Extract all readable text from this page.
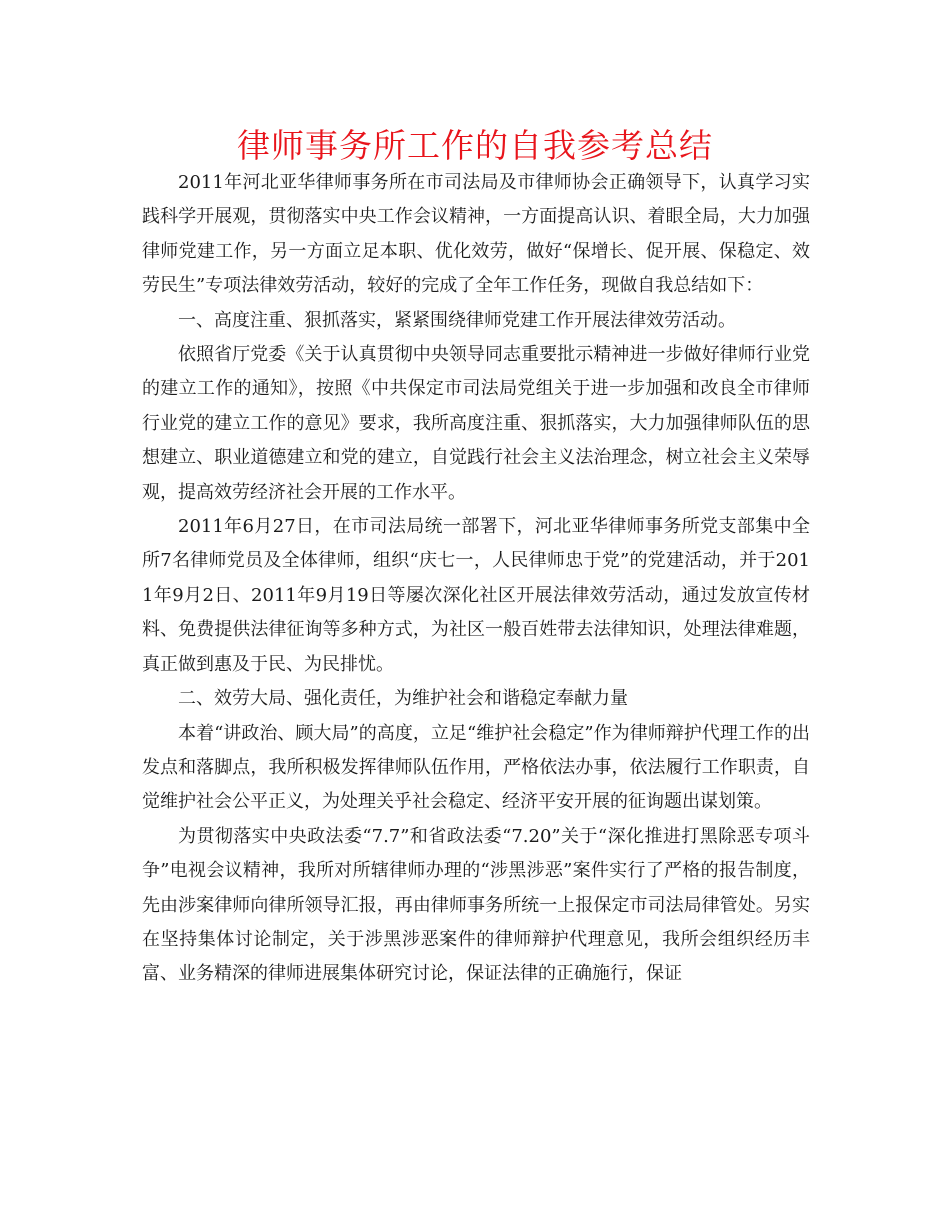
律师事务所工作的自我参考总结

2011年河北亚华律师事务所在市司法局及市律师协会正确领导下，认真学习实践科学开展观，贯彻落实中央工作会议精神，一方面提高认识、着眼全局，大力加强律师党建工作，另一方面立足本职、优化效劳，做好“保增长、促开展、保稳定、效劳民生”专项法律效劳活动，较好的完成了全年工作任务，现做自我总结如下：

一、高度注重、狠抓落实，紧紧围绕律师党建工作开展法律效劳活动。

依照省厅党委《关于认真贯彻中央领导同志重要批示精神进一步做好律师行业党的建立工作的通知》，按照《中共保定市司法局党组关于进一步加强和改良全市律师行业党的建立工作的意见》要求，我所高度注重、狠抓落实，大力加强律师队伍的思想建立、职业道德建立和党的建立，自觉践行社会主义法治理念，树立社会主义荣辱观，提高效劳经济社会开展的工作水平。

2011年6月27日，在市司法局统一部署下，河北亚华律师事务所党支部集中全所7名律师党员及全体律师，组织“庆七一，人民律师忠于党”的党建活动，并于2011年9月2日、2011年9月19日等屡次深化社区开展法律效劳活动，通过发放宣传材料、免费提供法律征询等多种方式，为社区一般百姓带去法律知识，处理法律难题，真正做到惠及于民、为民排忧。

二、效劳大局、强化责任，为维护社会和谐稳定奉献力量

本着“讲政治、顾大局”的高度，立足“维护社会稳定”作为律师辩护代理工作的出发点和落脚点，我所积极发挥律师队伍作用，严格依法办事，依法履行工作职责，自觉维护社会公平正义，为处理关乎社会稳定、经济平安开展的征询题出谋划策。

为贯彻落实中央政法委“7.7”和省政法委“7.20”关于“深化推进打黑除恶专项斗争”电视会议精神，我所对所辖律师办理的“涉黑涉恶”案件实行了严格的报告制度，先由涉案律师向律所领导汇报，再由律师事务所统一上报保定市司法局律管处。另实在坚持集体讨论制定，关于涉黑涉恶案件的律师辩护代理意见，我所会组织经历丰富、业务精深的律师进展集体研究讨论，保证法律的正确施行，保证
